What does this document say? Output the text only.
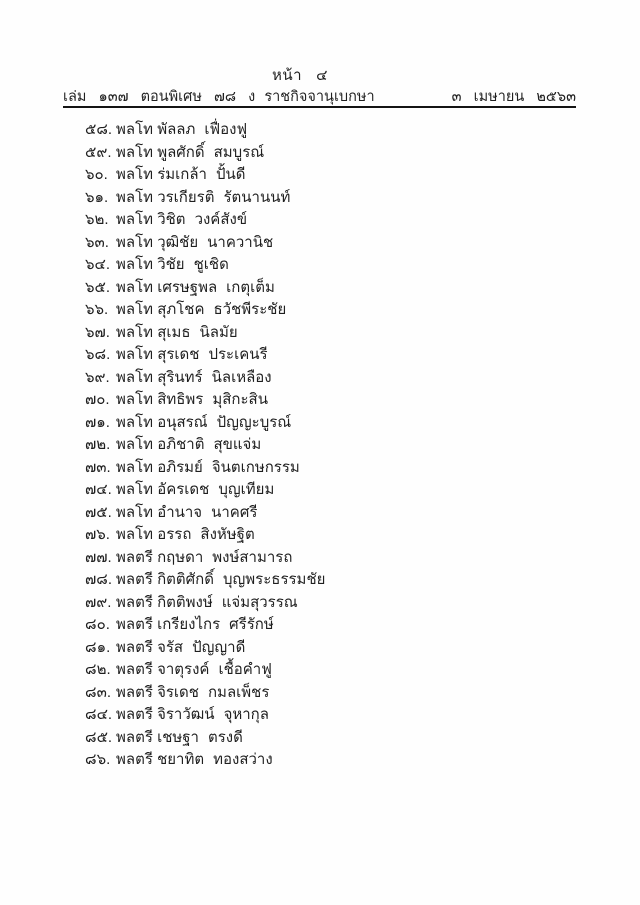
หน้า ๔
เล่ม   ๑๓๗   ตอนพิเศษ   ๗๘   ง ราชกิจจานุเบกษา	๓   เมษายน   ๒๕๖๓
๕๘. พลโท พัลลภ เฟื่องฟู
๕๙. พลโท พูลศักดิ์ สมบูรณ์
๖๐. พลโท ร่มเกล้า ปั้นดี
๖๑. พลโท วรเกียรติ รัตนานนท์
๖๒. พลโท วิชิต วงค์สังข์
๖๓. พลโท วุฒิชัย นาควานิช
๖๔. พลโท วิชัย ชูเชิด
๖๕. พลโท เศรษฐพล เกตุเต็ม
๖๖. พลโท สุภโชค ธวัชพีระชัย
๖๗. พลโท สุเมธ นิลมัย
๖๘. พลโท สุรเดช ประเคนรี
๖๙. พลโท สุรินทร์ นิลเหลือง
๗๐. พลโท สิทธิพร มุสิกะสิน
๗๑. พลโท อนุสรณ์ ปัญญะบูรณ์
๗๒. พลโท อภิชาติ สุขแจ่ม
๗๓. พลโท อภิรมย์ จินตเกษกรรม
๗๔. พลโท อัครเดช บุญเทียม
๗๕. พลโท อำนาจ นาคศรี
๗๖. พลโท อรรถ สิงหัษฐิต
๗๗. พลตรี กฤษดา พงษ์สามารถ
๗๘. พลตรี กิตติศักดิ์ บุญพระธรรมชัย
๗๙. พลตรี กิตติพงษ์ แจ่มสุวรรณ
๘๐. พลตรี เกรียงไกร ศรีรักษ์
๘๑. พลตรี จรัส ปัญญาดี
๘๒. พลตรี จาตุรงค์ เชื้อคำฟู
๘๓. พลตรี จิรเดช กมลเพ็ชร
๘๔. พลตรี จิราวัฒน์ จุหากุล
๘๕. พลตรี เชษฐา ตรงดี
๘๖. พลตรี ชยาทิต ทองสว่าง
